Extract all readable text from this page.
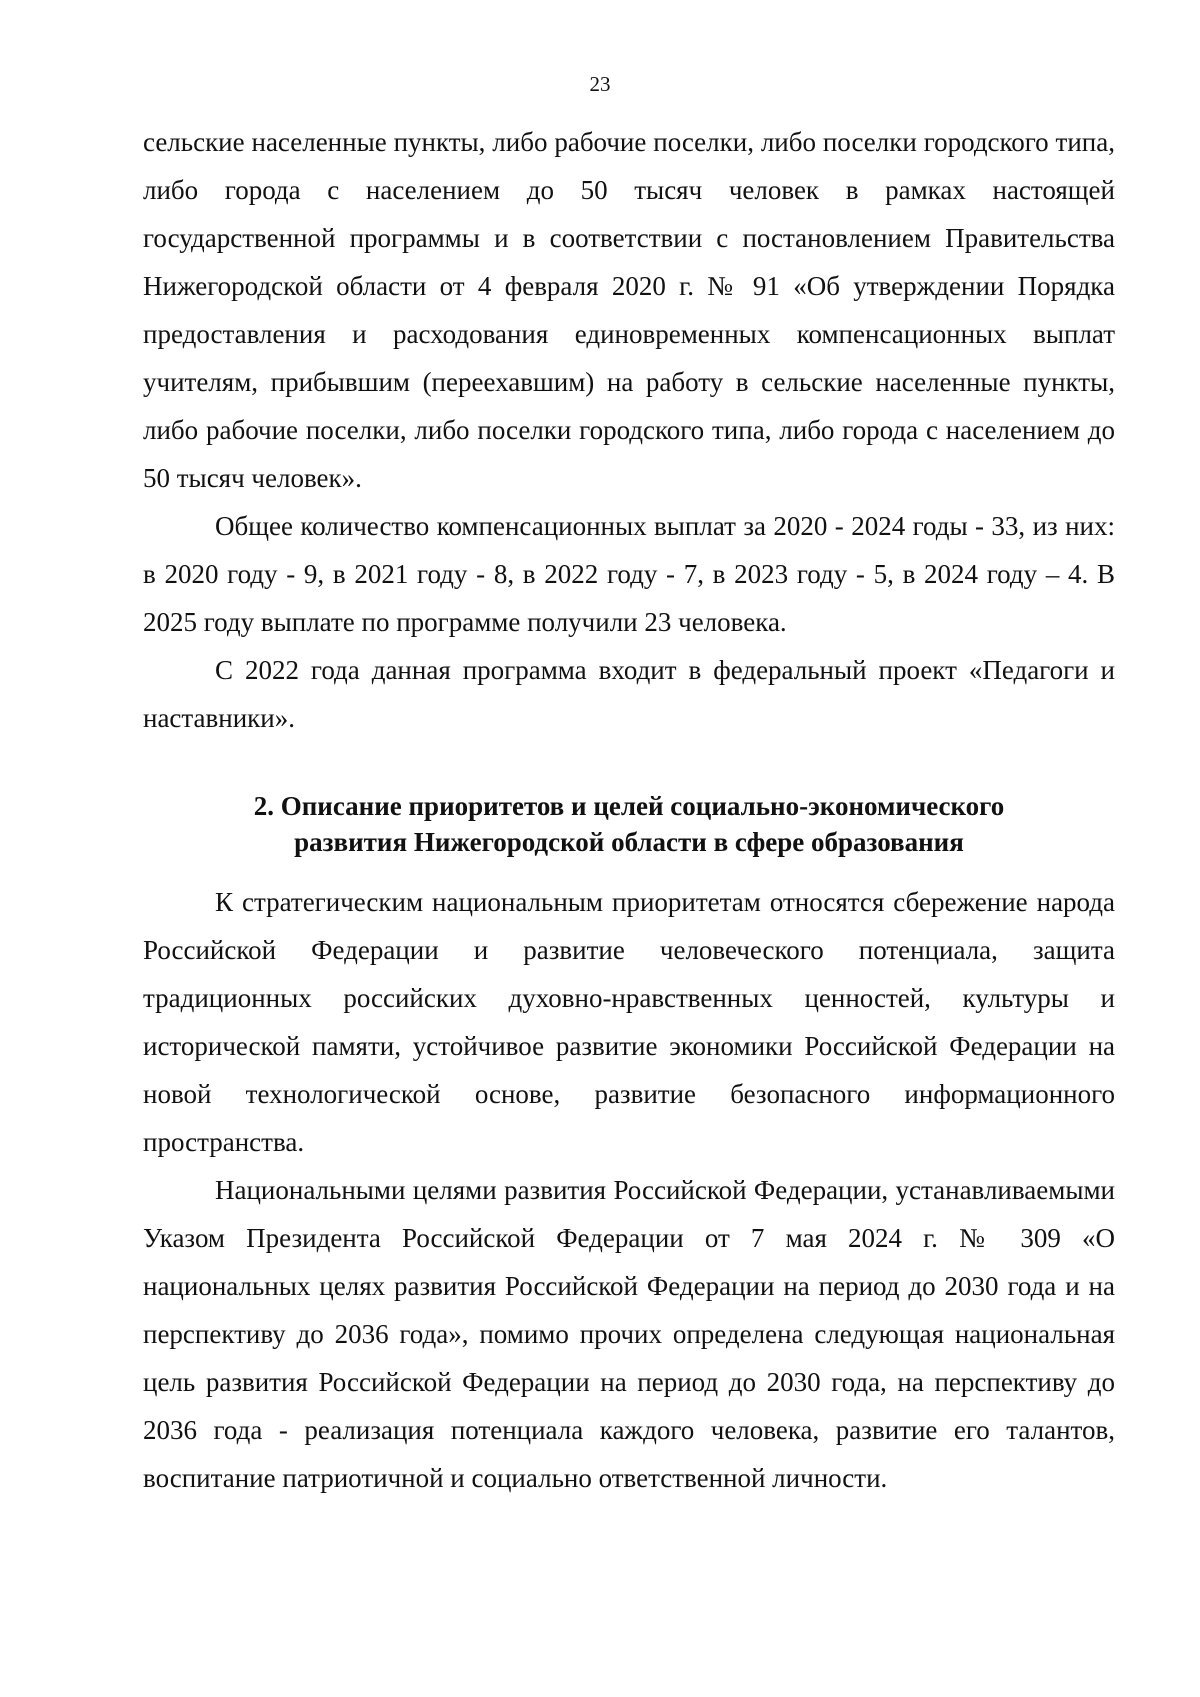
23

сельские населенные пункты, либо рабочие поселки, либо поселки городского типа, либо города с населением до 50 тысяч человек в рамках настоящей государственной программы и в соответствии с постановлением Правительства Нижегородской области от 4 февраля 2020 г. № 91 «Об утверждении Порядка предоставления и расходования единовременных компенсационных выплат учителям, прибывшим (переехавшим) на работу в сельские населенные пункты, либо рабочие поселки, либо поселки городского типа, либо города с населением до 50 тысяч человек».

Общее количество компенсационных выплат за 2020 - 2024 годы - 33, из них: в 2020 году - 9, в 2021 году - 8, в 2022 году - 7, в 2023 году - 5, в 2024 году – 4. В 2025 году выплате по программе получили 23 человека.

С 2022 года данная программа входит в федеральный проект «Педагоги и наставники».

2. Описание приоритетов и целей социально-экономического
развития Нижегородской области в сфере образования

К стратегическим национальным приоритетам относятся сбережение народа Российской Федерации и развитие человеческого потенциала, защита традиционных российских духовно-нравственных ценностей, культуры и исторической памяти, устойчивое развитие экономики Российской Федерации на новой технологической основе, развитие безопасного информационного пространства.

Национальными целями развития Российской Федерации, устанавливаемыми Указом Президента Российской Федерации от 7 мая 2024 г. № 309 «О национальных целях развития Российской Федерации на период до 2030 года и на перспективу до 2036 года», помимо прочих определена следующая национальная цель развития Российской Федерации на период до 2030 года, на перспективу до 2036 года - реализация потенциала каждого человека, развитие его талантов, воспитание патриотичной и социально ответственной личности.
